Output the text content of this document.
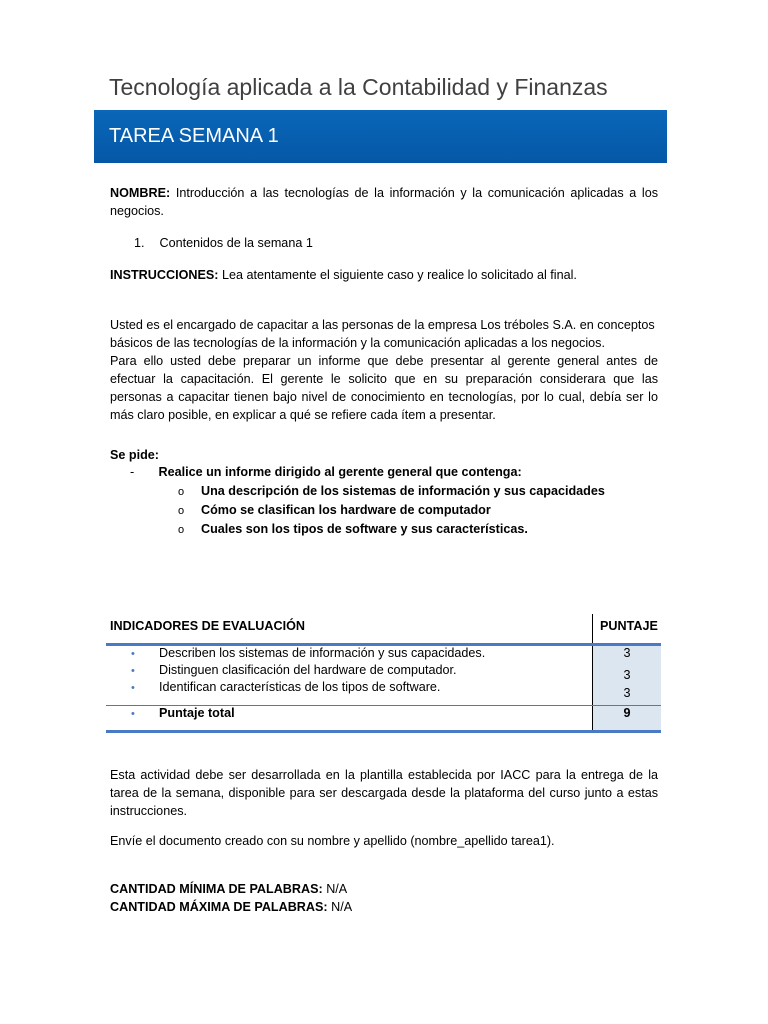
Tecnología aplicada a la Contabilidad y Finanzas
TAREA SEMANA 1
NOMBRE: Introducción a las tecnologías de la información y la comunicación aplicadas a los negocios.
1. Contenidos de la semana 1
INSTRUCCIONES: Lea atentamente el siguiente caso y realice lo solicitado al final.
Usted es el encargado de capacitar a las personas de la empresa Los tréboles S.A. en conceptos básicos de las tecnologías de la información y la comunicación aplicadas a los negocios.
Para ello usted debe preparar un informe que debe presentar al gerente general antes de efectuar la capacitación. El gerente le solicito que en su preparación considerara que las personas a capacitar tienen bajo nivel de conocimiento en tecnologías, por lo cual, debía ser lo más claro posible, en explicar a qué se refiere cada ítem a presentar.
Se pide:
- Realice un informe dirigido al gerente general que contenga:
o Una descripción de los sistemas de información y sus capacidades
o Cómo se clasifican los hardware de computador
o Cuales son los tipos de software y sus características.
INDICADORES DE EVALUACIÓN	PUNTAJE
• Describen los sistemas de información y sus capacidades.	3
• Distinguen clasificación del hardware de computador.	3
• Identifican características de los tipos de software.	3
• Puntaje total	9
Esta actividad debe ser desarrollada en la plantilla establecida por IACC para la entrega de la tarea de la semana, disponible para ser descargada desde la plataforma del curso junto a estas instrucciones.
Envíe el documento creado con su nombre y apellido (nombre_apellido tarea1).
CANTIDAD MÍNIMA DE PALABRAS: N/A
CANTIDAD MÁXIMA DE PALABRAS: N/A
